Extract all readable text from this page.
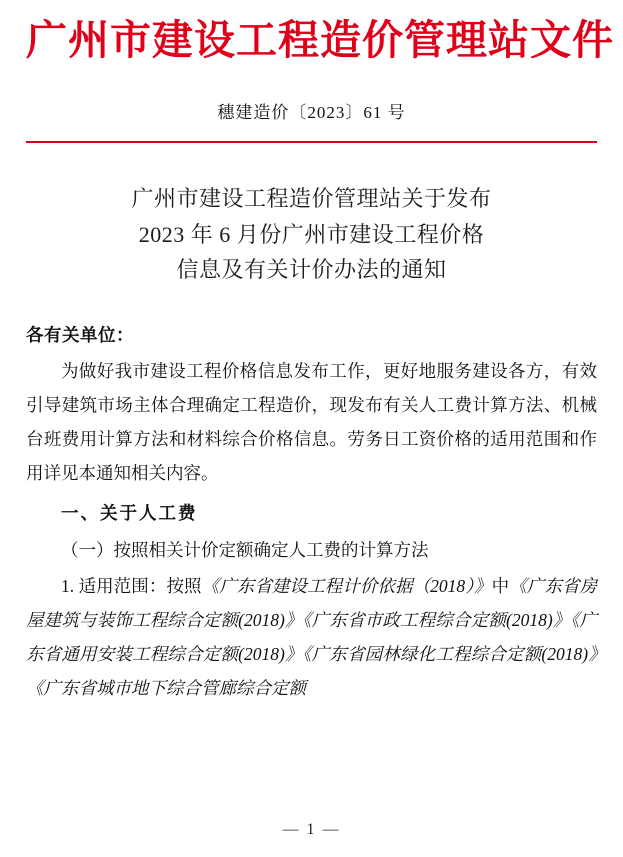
广州市建设工程造价管理站文件
穗建造价〔2023〕61 号
广州市建设工程造价管理站关于发布
2023 年 6 月份广州市建设工程价格
信息及有关计价办法的通知
各有关单位：
为做好我市建设工程价格信息发布工作，更好地服务建设各方，有效引导建筑市场主体合理确定工程造价，现发布有关人工费计算方法、机械台班费用计算方法和材料综合价格信息。劳务日工资价格的适用范围和作用详见本通知相关内容。
一、关于人工费
（一）按照相关计价定额确定人工费的计算方法
1. 适用范围：按照《广东省建设工程计价依据（2018）》中《广东省房屋建筑与装饰工程综合定额(2018)》《广东省市政工程综合定额(2018)》《广东省通用安装工程综合定额(2018)》《广东省园林绿化工程综合定额(2018)》《广东省城市地下综合管廊综合定额
— 1 —
